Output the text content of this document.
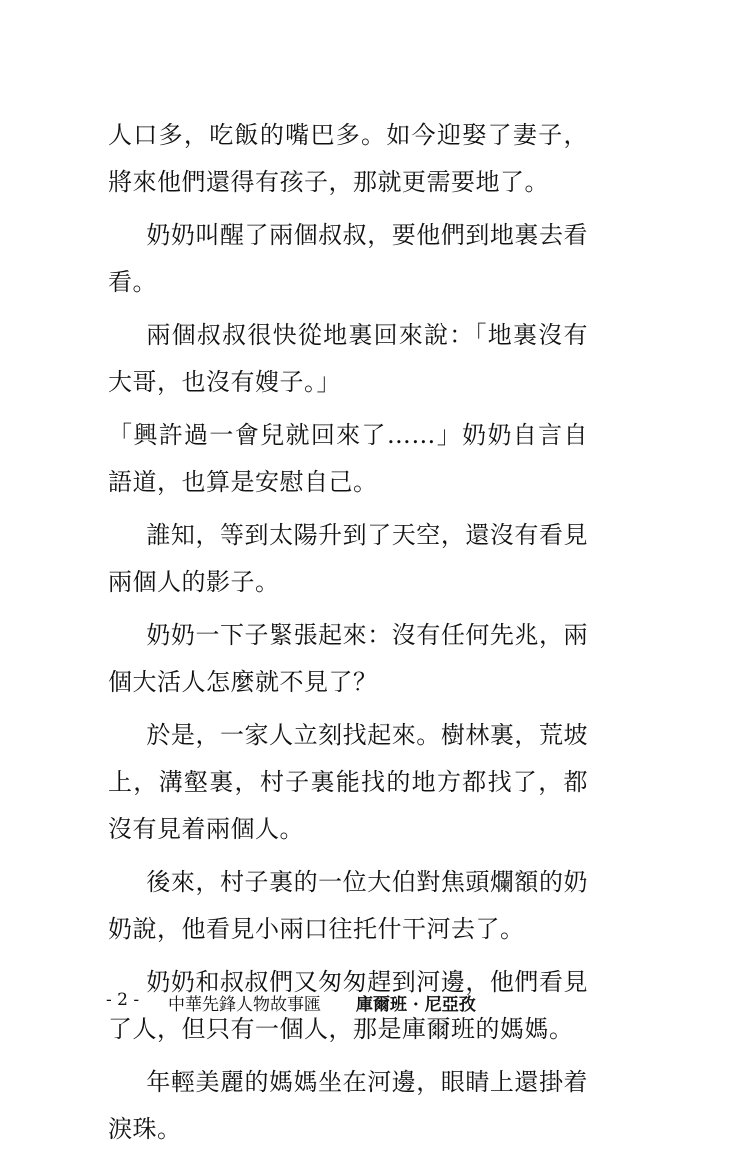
人口多，吃飯的嘴巴多。如今迎娶了妻子，將來他們還得有孩子，那就更需要地了。

奶奶叫醒了兩個叔叔，要他們到地裏去看看。

兩個叔叔很快從地裏回來說：「地裏沒有大哥，也沒有嫂子。」

「興許過一會兒就回來了……」奶奶自言自語道，也算是安慰自己。

誰知，等到太陽升到了天空，還沒有看見兩個人的影子。

奶奶一下子緊張起來：沒有任何先兆，兩個大活人怎麼就不見了？

於是，一家人立刻找起來。樹林裏，荒坡上，溝壑裏，村子裏能找的地方都找了，都沒有見着兩個人。

後來，村子裏的一位大伯對焦頭爛額的奶奶說，他看見小兩口往托什干河去了。

奶奶和叔叔們又匆匆趕到河邊，他們看見了人，但只有一個人，那是庫爾班的媽媽。

年輕美麗的媽媽坐在河邊，眼睛上還掛着淚珠。

- 2 - 中華先鋒人物故事匯 庫爾班 · 尼亞孜
